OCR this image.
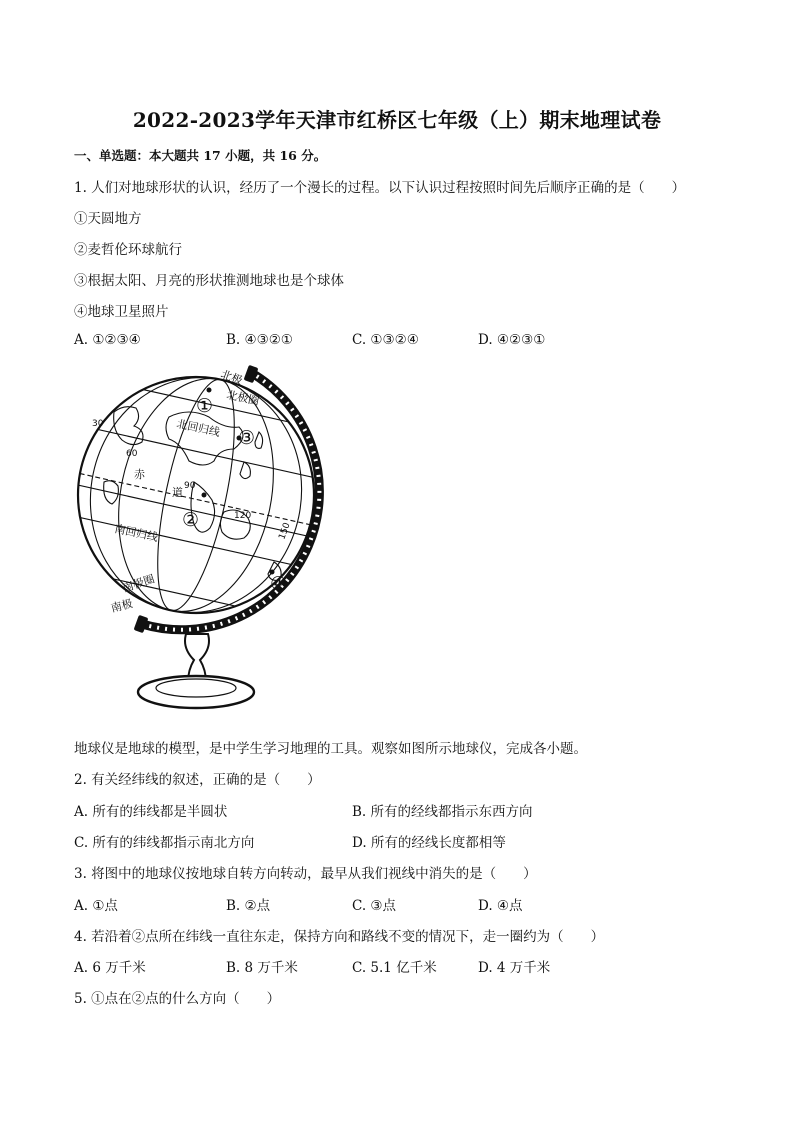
2022-2023学年天津市红桥区七年级（上）期末地理试卷
一、单选题：本大题共 17 小题，共 16 分。
1. 人们对地球形状的认识，经历了一个漫长的过程。以下认识过程按照时间先后顺序正确的是（　　）
①天圆地方
②麦哲伦环球航行
③根据太阳、月亮的形状推测地球也是个球体
④地球卫星照片
A. ①②③④	B. ④③②①	C. ①③②④	D. ④②③①
北极
北极圈
北回归线
赤
道
南回归线
南极圈
南极
30
60
90
120
150
①
②
③
④
地球仪是地球的模型，是中学生学习地理的工具。观察如图所示地球仪，完成各小题。
2. 有关经纬线的叙述，正确的是（　　）
A. 所有的纬线都是半圆状	B. 所有的经线都指示东西方向
C. 所有的纬线都指示南北方向	D. 所有的经线长度都相等
3. 将图中的地球仪按地球自转方向转动，最早从我们视线中消失的是（　　）
A. ①点	B. ②点	C. ③点	D. ④点
4. 若沿着②点所在纬线一直往东走，保持方向和路线不变的情况下，走一圈约为（　　）
A. 6 万千米	B. 8 万千米	C. 5.1 亿千米	D. 4 万千米
5. ①点在②点的什么方向（　　）
